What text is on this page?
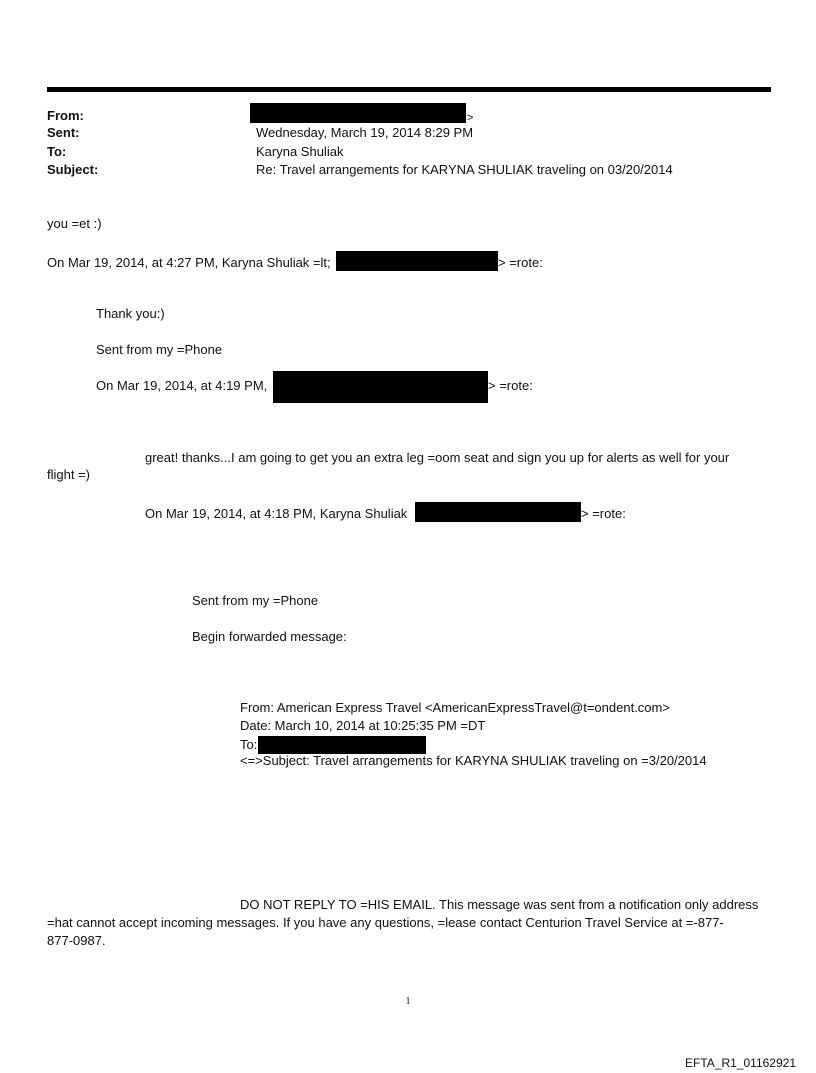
From:	>
Sent:	Wednesday, March 19, 2014 8:29 PM
To:	Karyna Shuliak
Subject:	Re: Travel arrangements for KARYNA SHULIAK traveling on 03/20/2014
you =et :)
On Mar 19, 2014, at 4:27 PM, Karyna Shuliak =lt;	> =rote:
Thank you:)
Sent from my =Phone
On Mar 19, 2014, at 4:19 PM,	> =rote:
great! thanks...I am going to get you an extra leg =oom seat and sign you up for alerts as well for your
flight =)
On Mar 19, 2014, at 4:18 PM, Karyna Shuliak	> =rote:
Sent from my =Phone
Begin forwarded message:
From: American Express Travel <AmericanExpressTravel@t=ondent.com>
Date: March 10, 2014 at 10:25:35 PM =DT
To:
<=>Subject: Travel arrangements for KARYNA SHULIAK traveling on =3/20/2014
DO NOT REPLY TO =HIS EMAIL. This message was sent from a notification only address
=hat cannot accept incoming messages. If you have any questions, =lease contact Centurion Travel Service at =-877-
877-0987.
1
EFTA_R1_01162921
